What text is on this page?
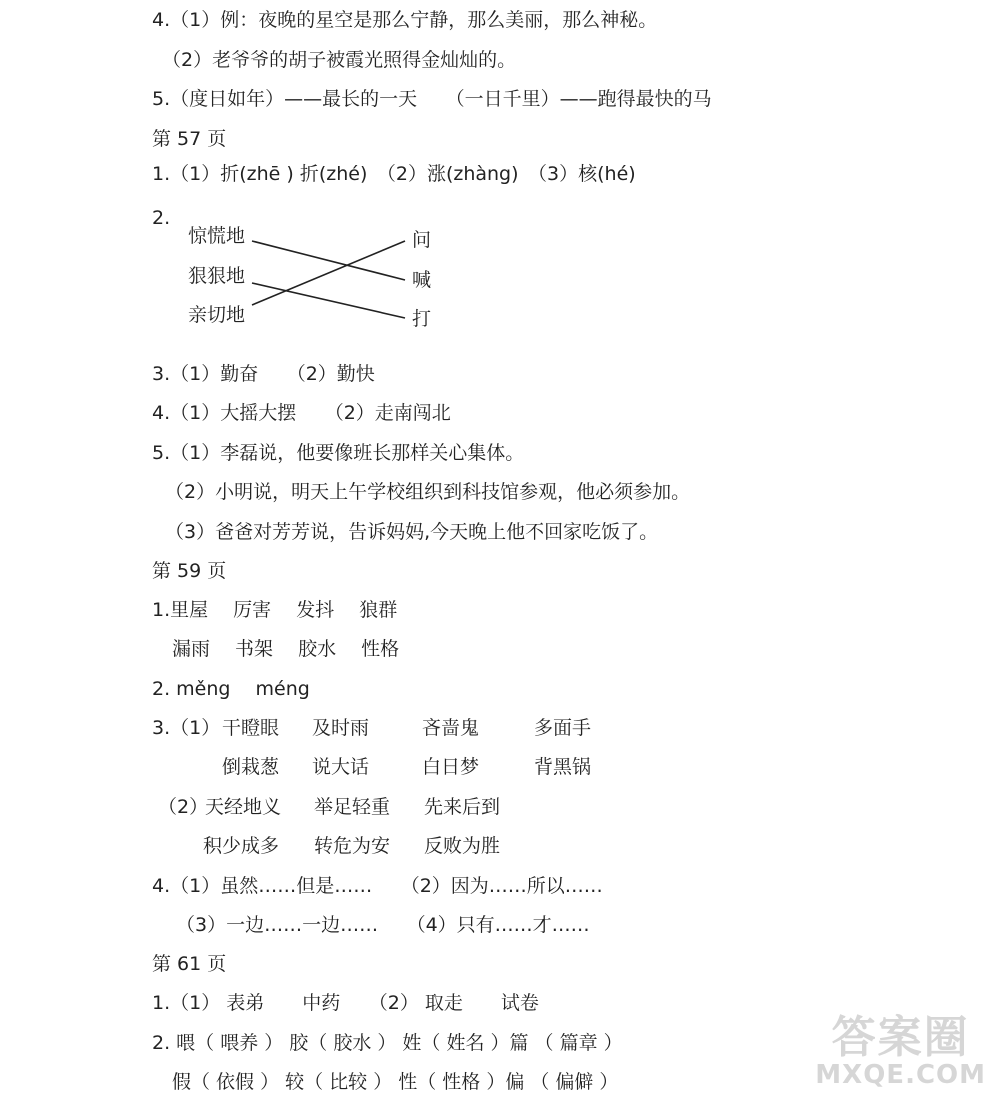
4.（1）例：夜晚的星空是那么宁静，那么美丽，那么神秘。
（2）老爷爷的胡子被霞光照得金灿灿的。
5.（度日如年）——最长的一天　　（一日千里）——跑得最快的马
第 57 页
1.（1）折(zhē ) 折(zhé)　（2）涨(zhàng)　（3）核(hé)
2.
惊慌地
狠狠地
亲切地
问
喊
打
3.（1）勤奋　　（2）勤快
4.（1）大摇大摆　　（2）走南闯北
5.（1）李磊说，他要像班长那样关心集体。
（2）小明说，明天上午学校组织到科技馆参观，他必须参加。
（3）爸爸对芳芳说，告诉妈妈,今天晚上他不回家吃饭了。
第 59 页
1.里屋　 厉害　 发抖　 狼群
漏雨　 书架　 胶水　 性格
2. měng　 méng
3.（1） 干瞪眼 及时雨	吝啬鬼	多面手
倒栽葱 说大话	白日梦	背黑锅
（2）
天经地义 举足轻重 先来后到
积少成多 转危为安 反败为胜
4.（1）虽然……但是……　　（2）因为……所以……
（3）一边……一边……　　（4）只有……才……
第 61 页
1.（1） 表弟　　中药　　（2） 取走　　试卷
2. 喂（ 喂养 ） 胶（ 胶水 ） 姓（ 姓名 ）篇 （ 篇章 ）
假（ 依假 ） 较（ 比较 ） 性（ 性格 ）偏 （ 偏僻 ）
答案圈
MXQE.COM
